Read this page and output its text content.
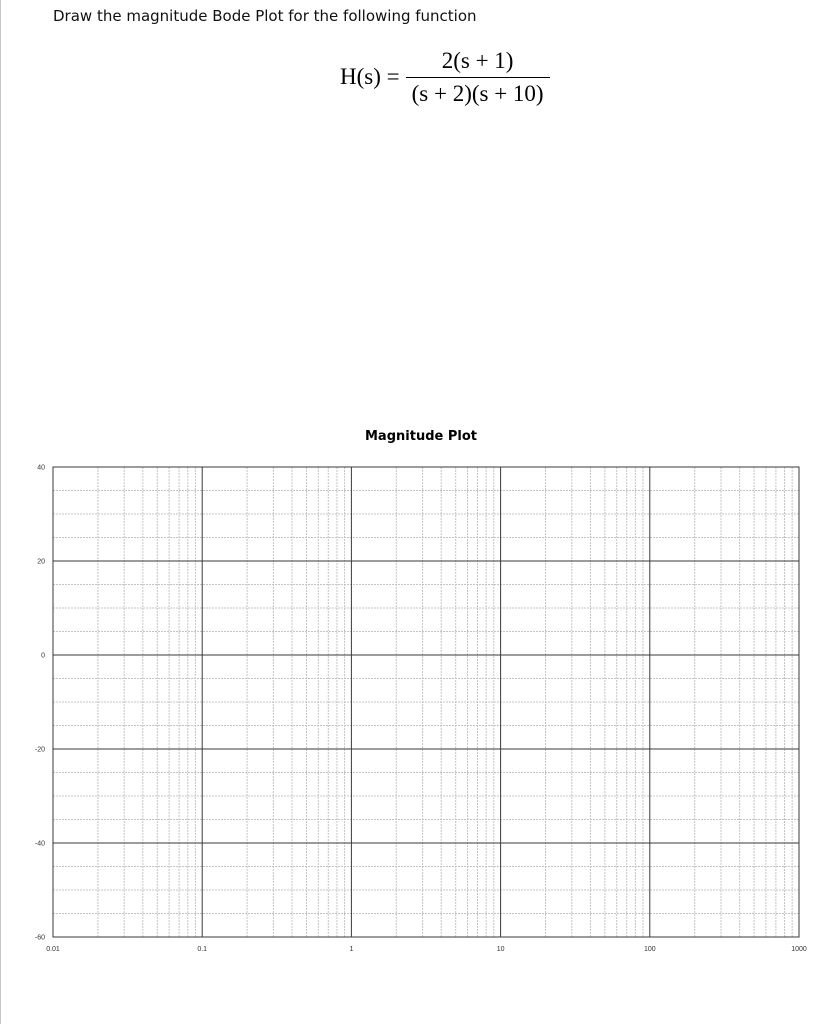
Draw the magnitude Bode Plot for the following function
$H(s) = \frac{2(s + 1)}{(s + 2)(s + 10)}$
Magnitude Plot
40
20
0
-20
-40
-60
0.01	0.1	1	10	100	1000
